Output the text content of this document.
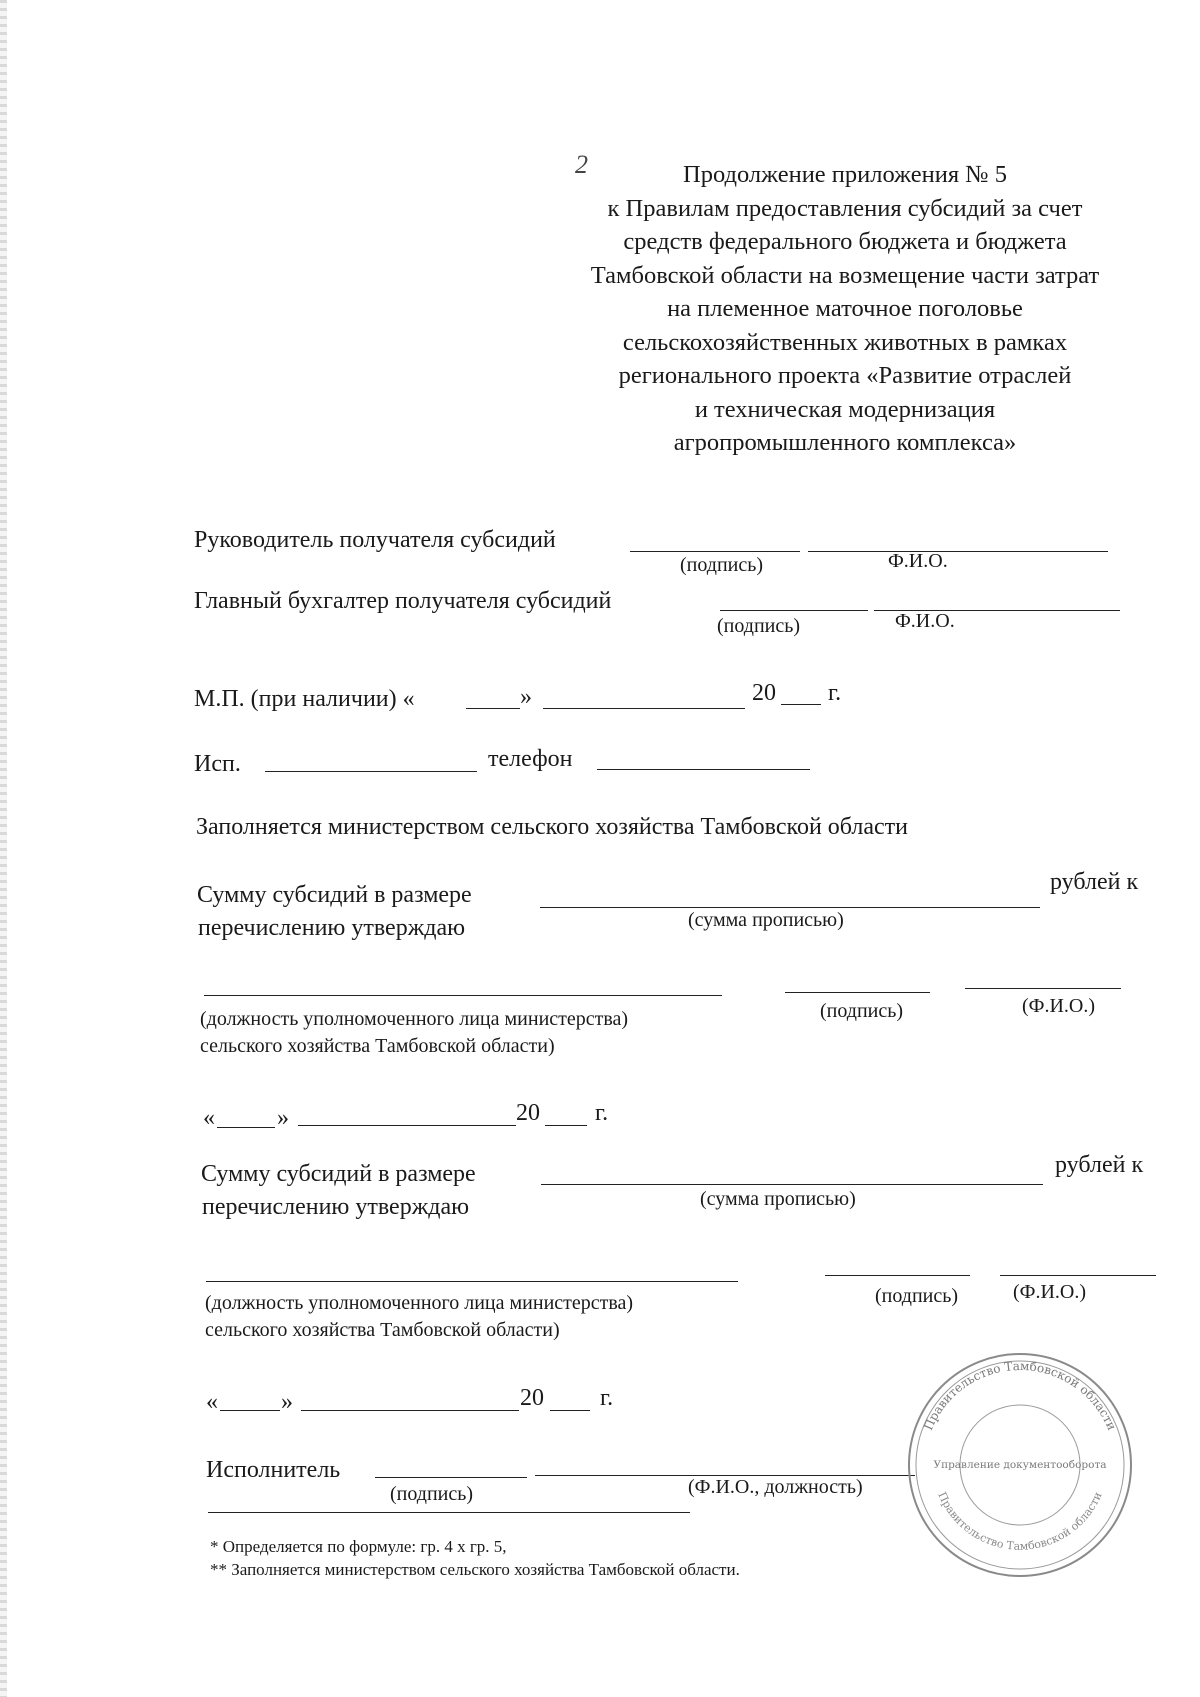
2	Продолжение приложения № 5
к Правилам предоставления субсидий за счет
средств федерального бюджета и бюджета
Тамбовской области на возмещение части затрат
на племенное маточное поголовье
сельскохозяйственных животных в рамках
регионального проекта «Развитие отраслей
и техническая модернизация
агропромышленного комплекса»
Руководитель получателя субсидий
(подпись)	Ф.И.О.
Главный бухгалтер получателя субсидий
(подпись)	Ф.И.О.
М.П. (при наличии) «	»	20 г.
Исп.	телефон
Заполняется министерством сельского хозяйства Тамбовской области
Сумму субсидий в размере	рублей к
перечислению утверждаю	(сумма прописью)
(должность уполномоченного лица министерства)
сельского хозяйства Тамбовской области)
(подпись)	(Ф.И.О.)
«	»	20 г.
Сумму субсидий в размере	рублей к
перечислению утверждаю	(сумма прописью)
(должность уполномоченного лица министерства)
сельского хозяйства Тамбовской области)
(подпись)	(Ф.И.О.)
«	»	20 г.
Исполнитель
(подпись)	(Ф.И.О., должность)
* Определяется по формуле: гр. 4 х гр. 5,
** Заполняется министерством сельского хозяйства Тамбовской области.
Правительство Тамбовской области
Правительство Тамбовской области
Управление документооборота
